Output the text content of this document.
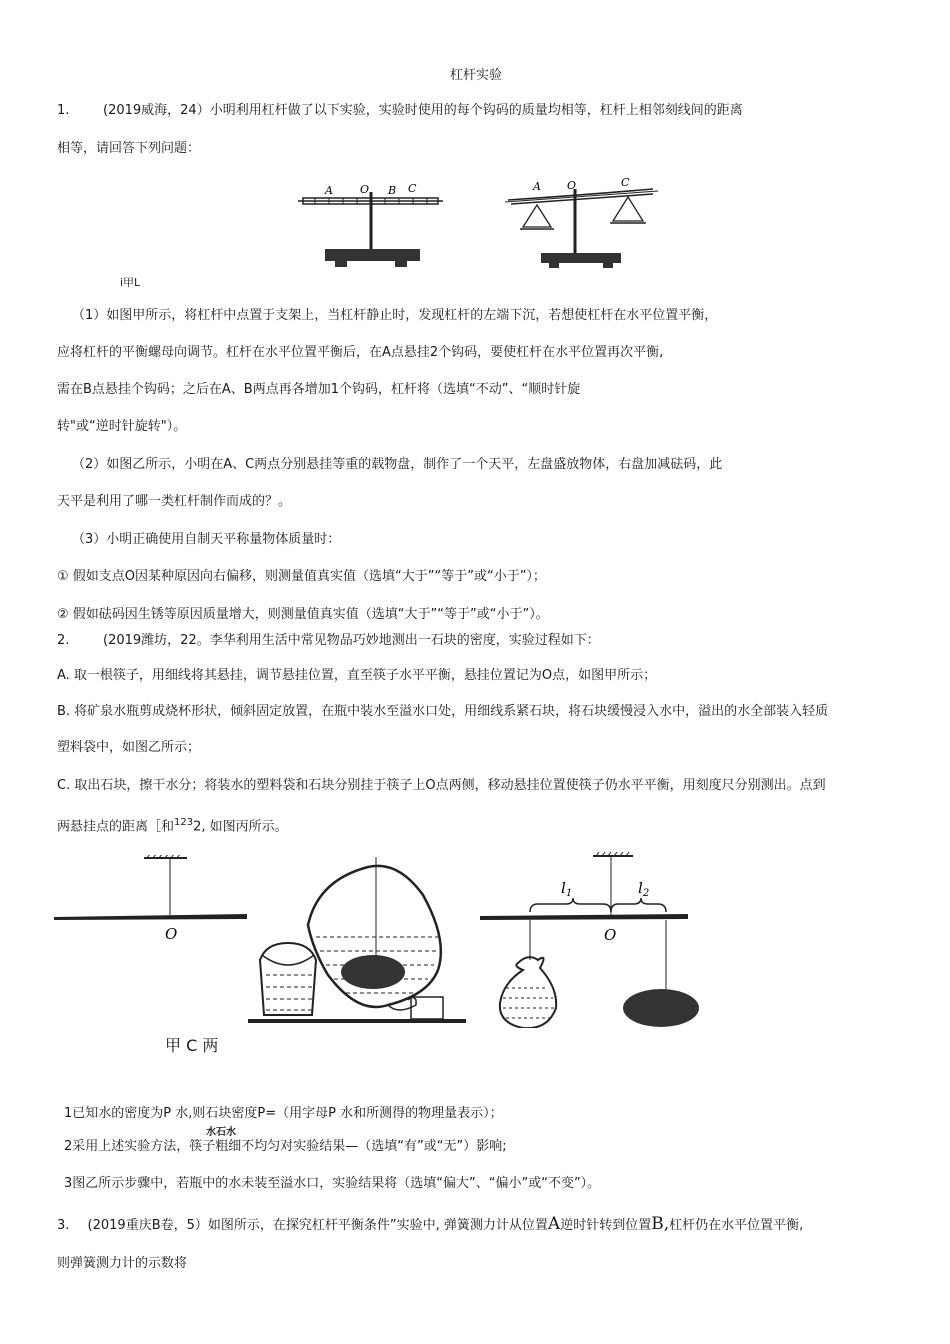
杠杆实验
1.	(2019威海，24）小明利用杠杆做了以下实验，实验时使用的每个钩码的质量均相等，杠杆上相邻刻线间的距离
相等，请回答下列问题：
A O B C	A O	C
i甲L
（1）如图甲所示，将杠杆中点置于支架上，当杠杆静止时，发现杠杆的左端下沉，若想使杠杆在水平位置平衡，
应将杠杆的平衡螺母向调节。杠杆在水平位置平衡后，在A点悬挂2个钩码，要使杠杆在水平位置再次平衡,
需在B点悬挂个钩码；之后在A、B两点再各增加1个钩码，杠杆将（选填“不动”、“顺时针旋
转"或“逆时针旋转"）。
（2）如图乙所示，小明在A、C两点分别悬挂等重的载物盘，制作了一个天平，左盘盛放物体，右盘加减砝码，此
天平是利用了哪一类杠杆制作而成的？。
（3）小明正确使用自制天平称量物体质量时：
① 假如支点O因某种原因向右偏移，则测量值真实值（选填“大于”“等于”或“小于”）；
② 假如砝码因生锈等原因质量增大，则测量值真实值（选填“大于”“等于”或“小于”）。
2.	(2019潍坊，22。李华利用生活中常见物品巧妙地测出一石块的密度，实验过程如下：
A. 取一根筷子，用细线将其悬挂，调节悬挂位置，直至筷子水平平衡，悬挂位置记为O点，如图甲所示；
B. 将矿泉水瓶剪成烧杯形状，倾斜固定放置，在瓶中装水至溢水口处，用细线系紧石块，将石块缓慢浸入水中，溢出的水全部装入轻质
塑料袋中，如图乙所示；
C. 取出石块，擦干水分；将装水的塑料袋和石块分别挂于筷子上O点两侧，移动悬挂位置使筷子仍水平平衡，用刻度尺分别测出。点到
两悬挂点的距离［和$^{123}$2, 如图丙所示。
O
$l_1$	$l_2$
O
甲 C 两
1已知水的密度为P 水,则石块密度P=（用字母P 水和所测得的物理量表示）；
水石水
2采用上述实验方法，筷子粗细不均匀对实验结果—（选填“有”或“无”）影响;
3图乙所示步骤中，若瓶中的水未装至溢水口，实验结果将（选填“偏大”、“偏小”或“不变”）。
3. (2019重庆B卷，5）如图所示，在探究杠杆平衡条件”实验中, 弹簧测力计从位置A逆时针转到位置B,杠杆仍在水平位置平衡,
则弹簧测力计的示数将
